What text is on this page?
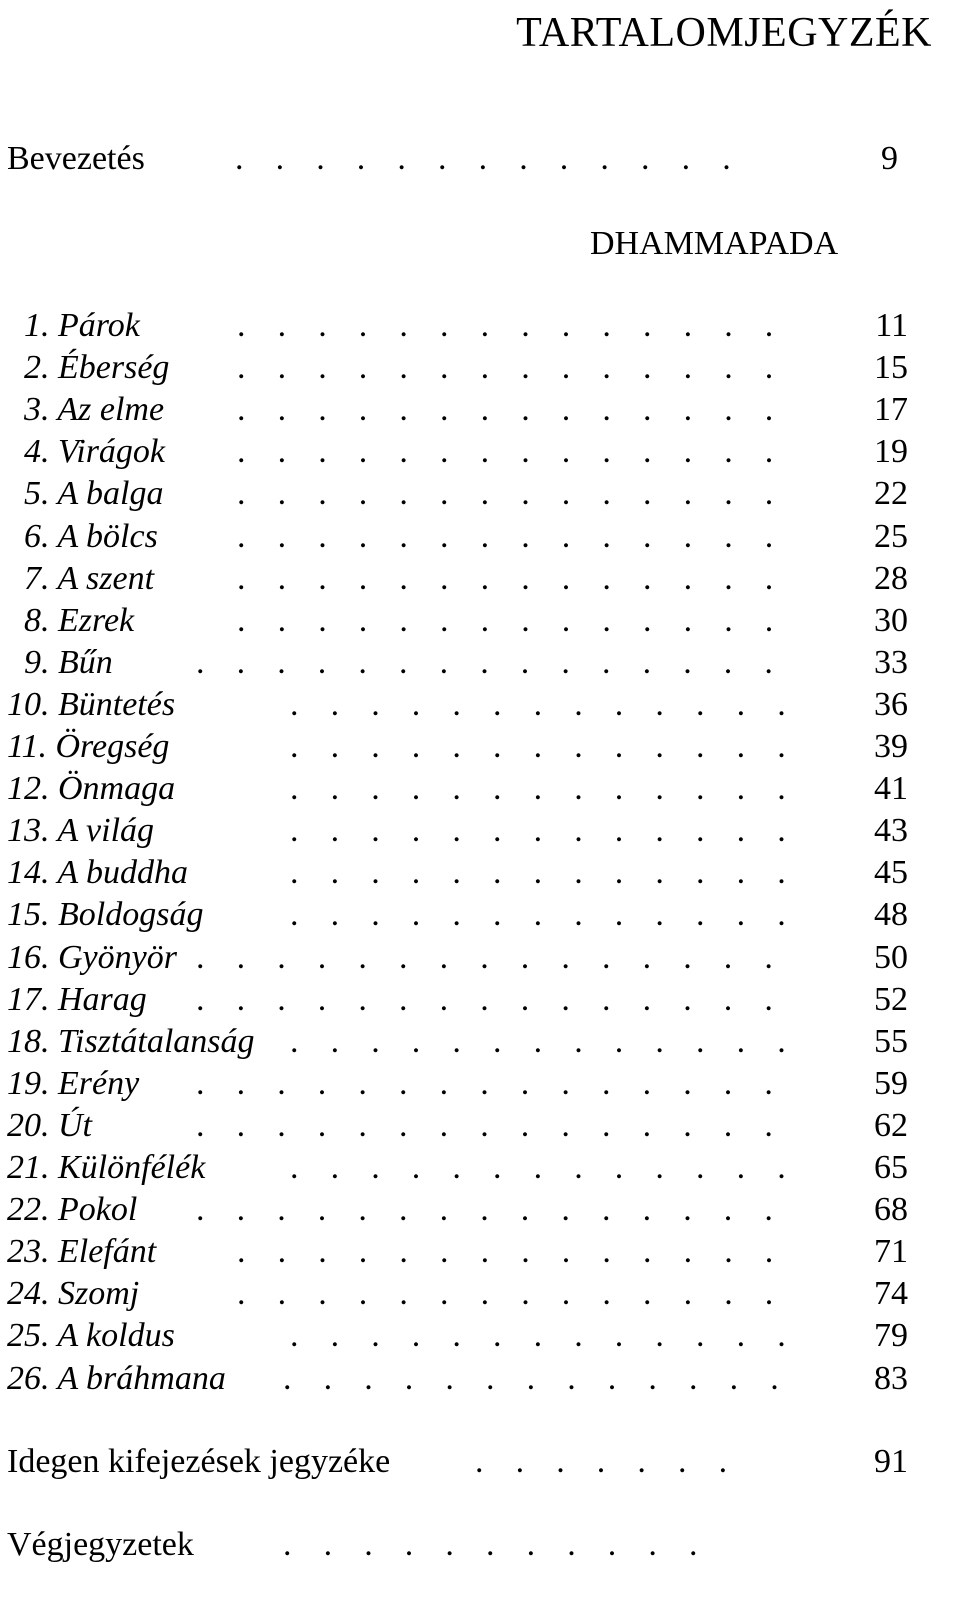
TARTALOMJEGYZÉK
Bevezetés	. . . . . . . . . . . . .	9
DHAMMAPADA
1. Párok	. . . . . . . . . . . . . .	11
2. Éberség . . . . . . . . . . . . . .	15
3. Az elme . . . . . . . . . . . . . .	17
4. Virágok . . . . . . . . . . . . . .	19
5. A balga . . . . . . . . . . . . . .	22
6. A bölcs . . . . . . . . . . . . . .	25
7. A szent . . . . . . . . . . . . . .	28
8. Ezrek	. . . . . . . . . . . . . .	30
9. Bűn . . . . . . . . . . . . . . .	33
10. Büntetés	. . . . . . . . . . . . .	36
11. Öregség	. . . . . . . . . . . . .	39
12. Önmaga	. . . . . . . . . . . . .	41
13. A világ	. . . . . . . . . . . . .	43
14. A buddha	. . . . . . . . . . . . .	45
15. Boldogság	. . . . . . . . . . . . .	48
16. Gyönyör . . . . . . . . . . . . . . .	50
17. Harag . . . . . . . . . . . . . . .	52
18. Tisztátalanság . . . . . . . . . . . . .	55
19. Erény . . . . . . . . . . . . . . .	59
20. Út	. . . . . . . . . . . . . . .	62
21. Különfélék . . . . . . . . . . . . .	65
22. Pokol . . . . . . . . . . . . . . .	68
23. Elefánt . . . . . . . . . . . . . .	71
24. Szomj	. . . . . . . . . . . . . .	74
25. A koldus	. . . . . . . . . . . . .	79
26. A bráhmana . . . . . . . . . . . . .	83
Idegen kifejezések jegyzéke . . . . . . .	91
Végjegyzetek	. . . . . . . . . . .
